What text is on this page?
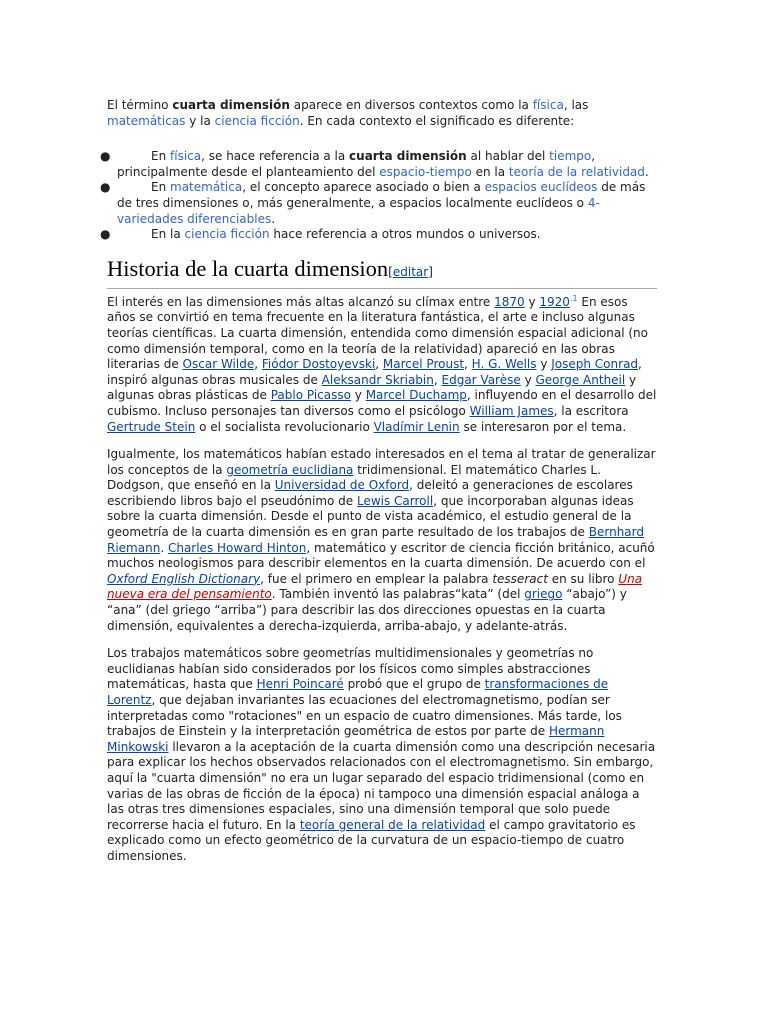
El término cuarta dimensión aparece en diversos contextos como la física, las matemáticas y la ciencia ficción. En cada contexto el significado es diferente:

●	En física, se hace referencia a la cuarta dimensión al hablar del tiempo, principalmente desde el planteamiento del espacio-tiempo en la teoría de la relatividad.
●	En matemática, el concepto aparece asociado o bien a espacios euclídeos de más de tres dimensiones o, más generalmente, a espacios localmente euclídeos o 4-variedades diferenciables.
●	En la ciencia ficción hace referencia a otros mundos o universos.
Historia de la cuarta dimension[editar]

El interés en las dimensiones más altas alcanzó su clímax entre 1870 y $1920^{.1}$ En esos años se convirtió en tema frecuente en la literatura fantástica, el arte e incluso algunas teorías científicas. La cuarta dimensión, entendida como dimensión espacial adicional (no como dimensión temporal, como en la teoría de la relatividad) apareció en las obras literarias de Oscar Wilde, Fiódor Dostoyevski, Marcel Proust, H. G. Wells y Joseph Conrad, inspiró algunas obras musicales de Aleksandr Skriabin, Edgar Varèse y George Antheil y algunas obras plásticas de Pablo Picasso y Marcel Duchamp, influyendo en el desarrollo del cubismo. Incluso personajes tan diversos como el psicólogo William James, la escritora Gertrude Stein o el socialista revolucionario Vladímir Lenin se interesaron por el tema.

Igualmente, los matemáticos habían estado interesados en el tema al tratar de generalizar los conceptos de la geometría euclidiana tridimensional. El matemático Charles L. Dodgson, que enseñó en la Universidad de Oxford, deleitó a generaciones de escolares escribiendo libros bajo el pseudónimo de Lewis Carroll, que incorporaban algunas ideas sobre la cuarta dimensión. Desde el punto de vista académico, el estudio general de la geometría de la cuarta dimensión es en gran parte resultado de los trabajos de Bernhard Riemann. Charles Howard Hinton, matemático y escritor de ciencia ficción británico, acuñó muchos neologismos para describir elementos en la cuarta dimensión. De acuerdo con el Oxford English Dictionary, fue el primero en emplear la palabra tesseract en su libro Una nueva era del pensamiento. También inventó las palabras“kata” (del griego “abajo”) y “ana” (del griego “arriba”) para describir las dos direcciones opuestas en la cuarta dimensión, equivalentes a derecha-izquierda, arriba-abajo, y adelante-atrás.

Los trabajos matemáticos sobre geometrías multidimensionales y geometrías no euclidianas habían sido considerados por los físicos como simples abstracciones matemáticas, hasta que Henri Poincaré probó que el grupo de transformaciones de Lorentz, que dejaban invariantes las ecuaciones del electromagnetismo, podían ser interpretadas como "rotaciones" en un espacio de cuatro dimensiones. Más tarde, los trabajos de Einstein y la interpretación geométrica de estos por parte de Hermann Minkowski llevaron a la aceptación de la cuarta dimensión como una descripción necesaria para explicar los hechos observados relacionados con el electromagnetismo. Sin embargo, aquí la "cuarta dimensión" no era un lugar separado del espacio tridimensional (como en varias de las obras de ficción de la época) ni tampoco una dimensión espacial análoga a las otras tres dimensiones espaciales, sino una dimensión temporal que solo puede recorrerse hacia el futuro. En la teoría general de la relatividad el campo gravitatorio es explicado como un efecto geométrico de la curvatura de un espacio-tiempo de cuatro dimensiones.
